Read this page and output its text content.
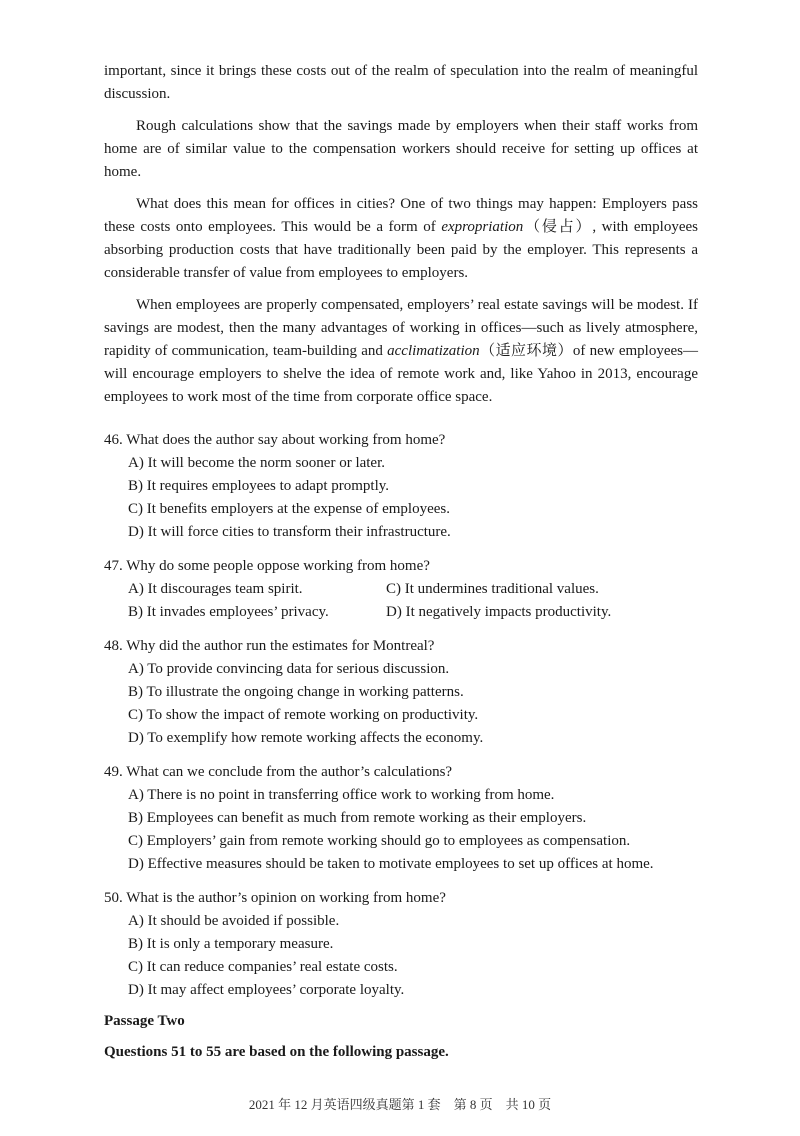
important, since it brings these costs out of the realm of speculation into the realm of meaningful discussion.

Rough calculations show that the savings made by employers when their staff works from home are of similar value to the compensation workers should receive for setting up offices at home.

What does this mean for offices in cities? One of two things may happen: Employers pass these costs onto employees. This would be a form of expropriation（侵占）, with employees absorbing production costs that have traditionally been paid by the employer. This represents a considerable transfer of value from employees to employers.

When employees are properly compensated, employers’ real estate savings will be modest. If savings are modest, then the many advantages of working in offices—such as lively atmosphere, rapidity of communication, team-building and acclimatization（适应环境）of new employees—will encourage employers to shelve the idea of remote work and, like Yahoo in 2013, encourage employees to work most of the time from corporate office space.

46. What does the author say about working from home?

A) It will become the norm sooner or later.

B) It requires employees to adapt promptly.

C) It benefits employers at the expense of employees.

D) It will force cities to transform their infrastructure.

47. Why do some people oppose working from home?

A) It discourages team spirit.	C) It undermines traditional values.

B) It invades employees’ privacy.	D) It negatively impacts productivity.

48. Why did the author run the estimates for Montreal?

A) To provide convincing data for serious discussion.

B) To illustrate the ongoing change in working patterns.

C) To show the impact of remote working on productivity.

D) To exemplify how remote working affects the economy.

49. What can we conclude from the author’s calculations?

A) There is no point in transferring office work to working from home.

B) Employees can benefit as much from remote working as their employers.

C) Employers’ gain from remote working should go to employees as compensation.

D) Effective measures should be taken to motivate employees to set up offices at home.

50. What is the author’s opinion on working from home?

A) It should be avoided if possible.

B) It is only a temporary measure.

C) It can reduce companies’ real estate costs.

D) It may affect employees’ corporate loyalty.

Passage Two

Questions 51 to 55 are based on the following passage.

2021 年 12 月英语四级真题第 1 套　第 8 页　共 10 页
